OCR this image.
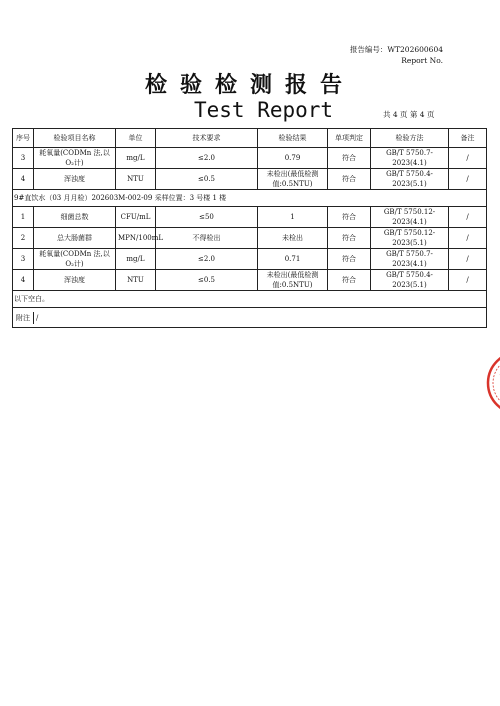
报告编号：WT202600604
Report No.
检验检测报告
Test Report	共 4 页 第 4 页
序号	检验项目名称	单位	技术要求	检验结果	单项判定	检验方法	备注
3	耗氧量(CODMn 法,以 O₂计)	mg/L	≤2.0	0.79	符合	GB/T 5750.7-2023(4.1)	/
4	浑浊度	NTU	≤0.5	未检出(最低检测值:0.5NTU)	符合	GB/T 5750.4-2023(5.1)	/
9#直饮水（03 月月检）202603M-002-09 采样位置：3 号楼 1 楼							
1	细菌总数	CFU/mL	≤50	1	符合	GB/T 5750.12-2023(4.1)	/
2	总大肠菌群	MPN/100mL	不得检出	未检出	符合	GB/T 5750.12-2023(5.1)	/
3	耗氧量(CODMn 法,以 O₂计)	mg/L	≤2.0	0.71	符合	GB/T 5750.7-2023(4.1)	/
4	浑浊度	NTU	≤0.5	未检出(最低检测值:0.5NTU)	符合	GB/T 5750.4-2023(5.1)	/
以下空白。							
附注 /							
